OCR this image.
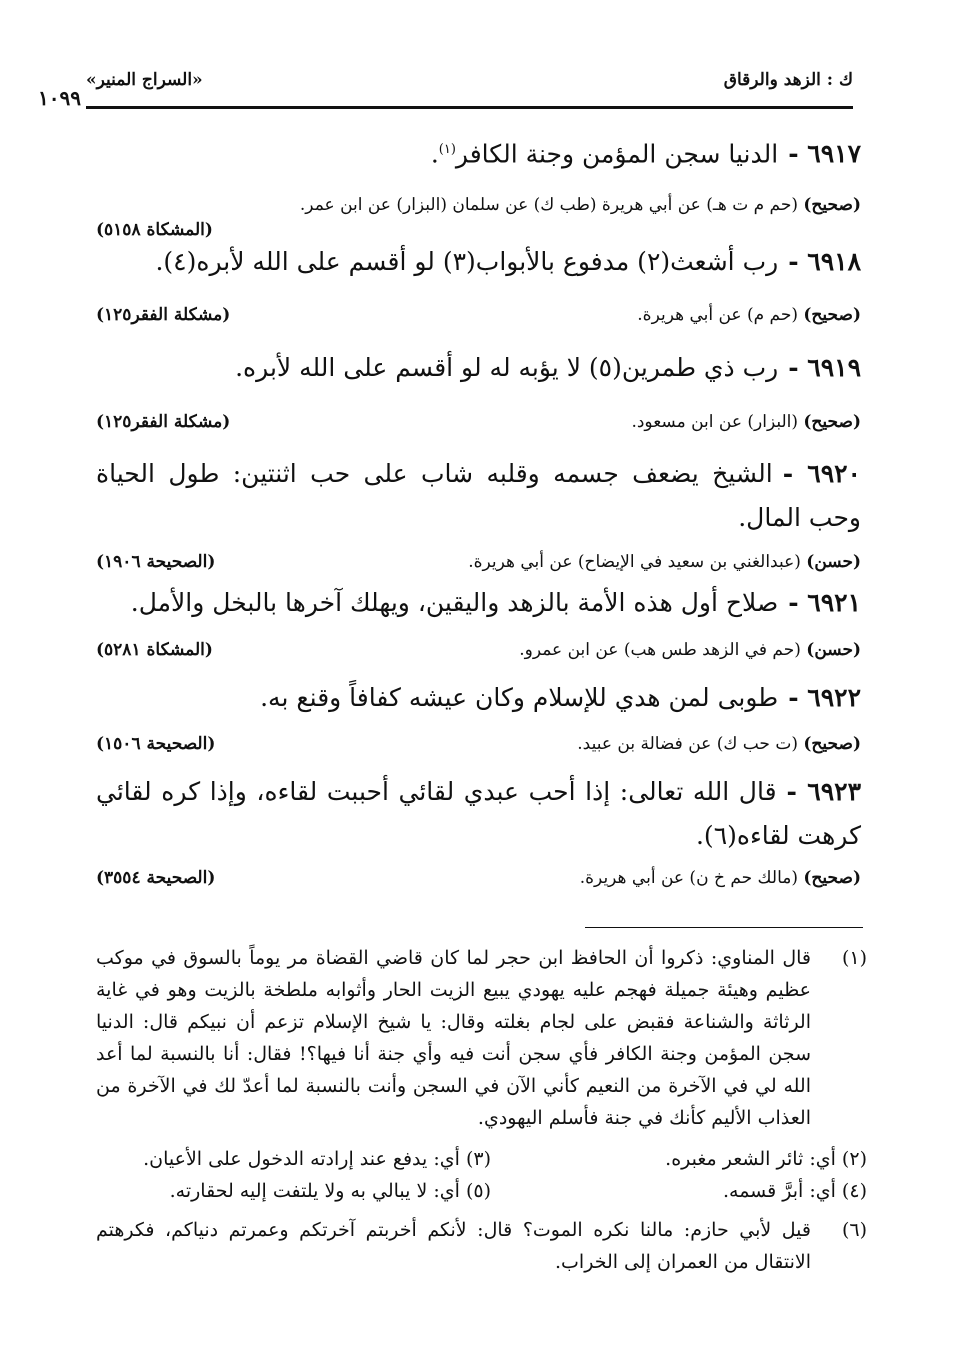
ك : الزهد والرقاق
«السراج المنير»
١٠٩٩
٦٩١٧ -الدنيا سجن المؤمن وجنة الكافر$^{(١)}$.
(صحيح) (حم م ت هـ) عن أبي هريرة (طب ك) عن سلمان (البزار) عن ابن عمر.
(المشكاة ٥١٥٨)
٦٩١٨ -رب أشعث(٢) مدفوع بالأبواب(٣) لو أقسم على الله لأبره(٤).
(صحيح) (حم م) عن أبي هريرة.
(مشكلة الفقر١٢٥)
٦٩١٩ -رب ذي طمرين(٥) لا يؤبه له لو أقسم على الله لأبره.
(صحيح) (البزار) عن ابن مسعود.
(مشكلة الفقر١٢٥)
٦٩٢٠ -الشيخ يضعف جسمه وقلبه شاب على حب اثنتين: طول الحياة وحب المال.
(حسن) (عبدالغني بن سعيد في الإيضاح) عن أبي هريرة.
(الصحيحة ١٩٠٦)
٦٩٢١ -صلاح أول هذه الأمة بالزهد واليقين، ويهلك آخرها بالبخل والأمل.
(حسن) (حم في الزهد طس هب) عن ابن عمرو.
(المشكاة ٥٢٨١)
٦٩٢٢ -طوبى لمن هدي للإسلام وكان عيشه كفافاً وقنع به.
(صحيح) (ت حب ك) عن فضالة بن عبيد.
(الصحيحة ١٥٠٦)
٦٩٢٣ -قال الله تعالى: إذا أحب عبدي لقائي أحببت لقاءه، وإذا كره لقائي كرهت لقاءه(٦).
(صحيح) (مالك حم خ ن) عن أبي هريرة.
(الصحيحة ٣٥٥٤)
(١)
قال المناوي: ذكروا أن الحافظ ابن حجر لما كان قاضي القضاة مر يوماً بالسوق في موكب عظيم وهيئة جميلة فهجم عليه يهودي يبيع الزيت الحار وأثوابه ملطخة بالزيت وهو في غاية الرثاثة والشناعة فقبض على لجام بغلته وقال: يا شيخ الإسلام تزعم أن نبيكم قال: الدنيا سجن المؤمن وجنة الكافر فأي سجن أنت فيه وأي جنة أنا فيها؟! فقال: أنا بالنسبة لما أعد الله لي في الآخرة من النعيم كأني الآن في السجن وأنت بالنسبة لما أعدّ لك في الآخرة من العذاب الأليم كأنك في جنة فأسلم اليهودي.
(٢) أي: ثائر الشعر مغبره.
(٣) أي: يدفع عند إرادته الدخول على الأعيان.
(٤) أي: أبرَّ قسمه.
(٥) أي: لا يبالي به ولا يلتفت إليه لحقارته.
(٦)
قيل لأبي حازم: مالنا نكره الموت؟ قال: لأنكم أخربتم آخرتكم وعمرتم دنياكم، فكرهتم الانتقال من العمران إلى الخراب.
